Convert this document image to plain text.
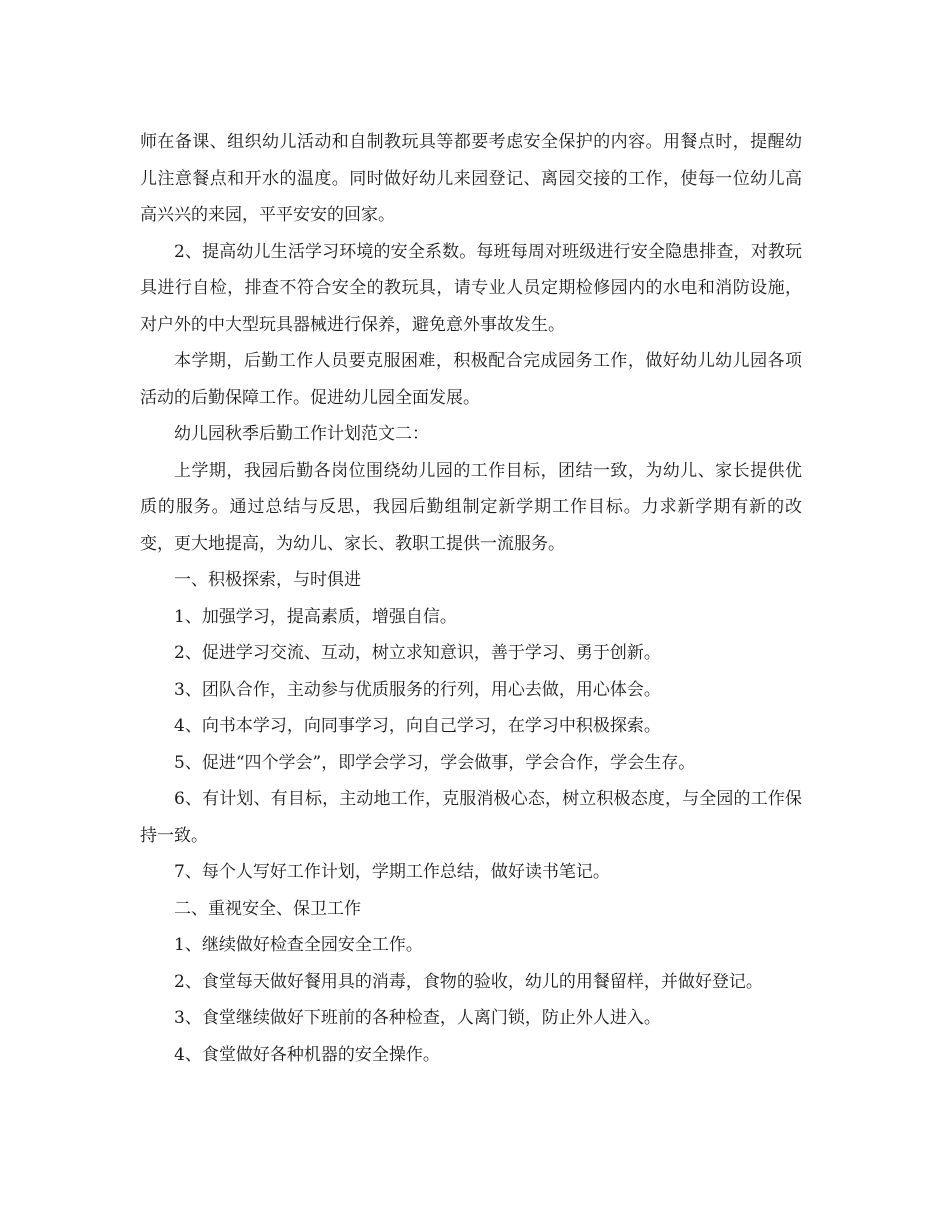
师在备课、组织幼儿活动和自制教玩具等都要考虑安全保护的内容。用餐点时，提醒幼儿注意餐点和开水的温度。同时做好幼儿来园登记、离园交接的工作，使每一位幼儿高高兴兴的来园，平平安安的回家。

2、提高幼儿生活学习环境的安全系数。每班每周对班级进行安全隐患排查，对教玩具进行自检，排查不符合安全的教玩具，请专业人员定期检修园内的水电和消防设施，对户外的中大型玩具器械进行保养，避免意外事故发生。

本学期，后勤工作人员要克服困难，积极配合完成园务工作，做好幼儿幼儿园各项活动的后勤保障工作。促进幼儿园全面发展。

幼儿园秋季后勤工作计划范文二：

上学期，我园后勤各岗位围绕幼儿园的工作目标，团结一致，为幼儿、家长提供优质的服务。通过总结与反思，我园后勤组制定新学期工作目标。力求新学期有新的改变，更大地提高，为幼儿、家长、教职工提供一流服务。

一、积极探索，与时俱进

1、加强学习，提高素质，增强自信。

2、促进学习交流、互动，树立求知意识，善于学习、勇于创新。

3、团队合作，主动参与优质服务的行列，用心去做，用心体会。

4、向书本学习，向同事学习，向自己学习，在学习中积极探索。

5、促进“四个学会”，即学会学习，学会做事，学会合作，学会生存。

6、有计划、有目标，主动地工作，克服消极心态，树立积极态度，与全园的工作保持一致。

7、每个人写好工作计划，学期工作总结，做好读书笔记。

二、重视安全、保卫工作

1、继续做好检查全园安全工作。

2、食堂每天做好餐用具的消毒，食物的验收，幼儿的用餐留样，并做好登记。

3、食堂继续做好下班前的各种检查，人离门锁，防止外人进入。

4、食堂做好各种机器的安全操作。
